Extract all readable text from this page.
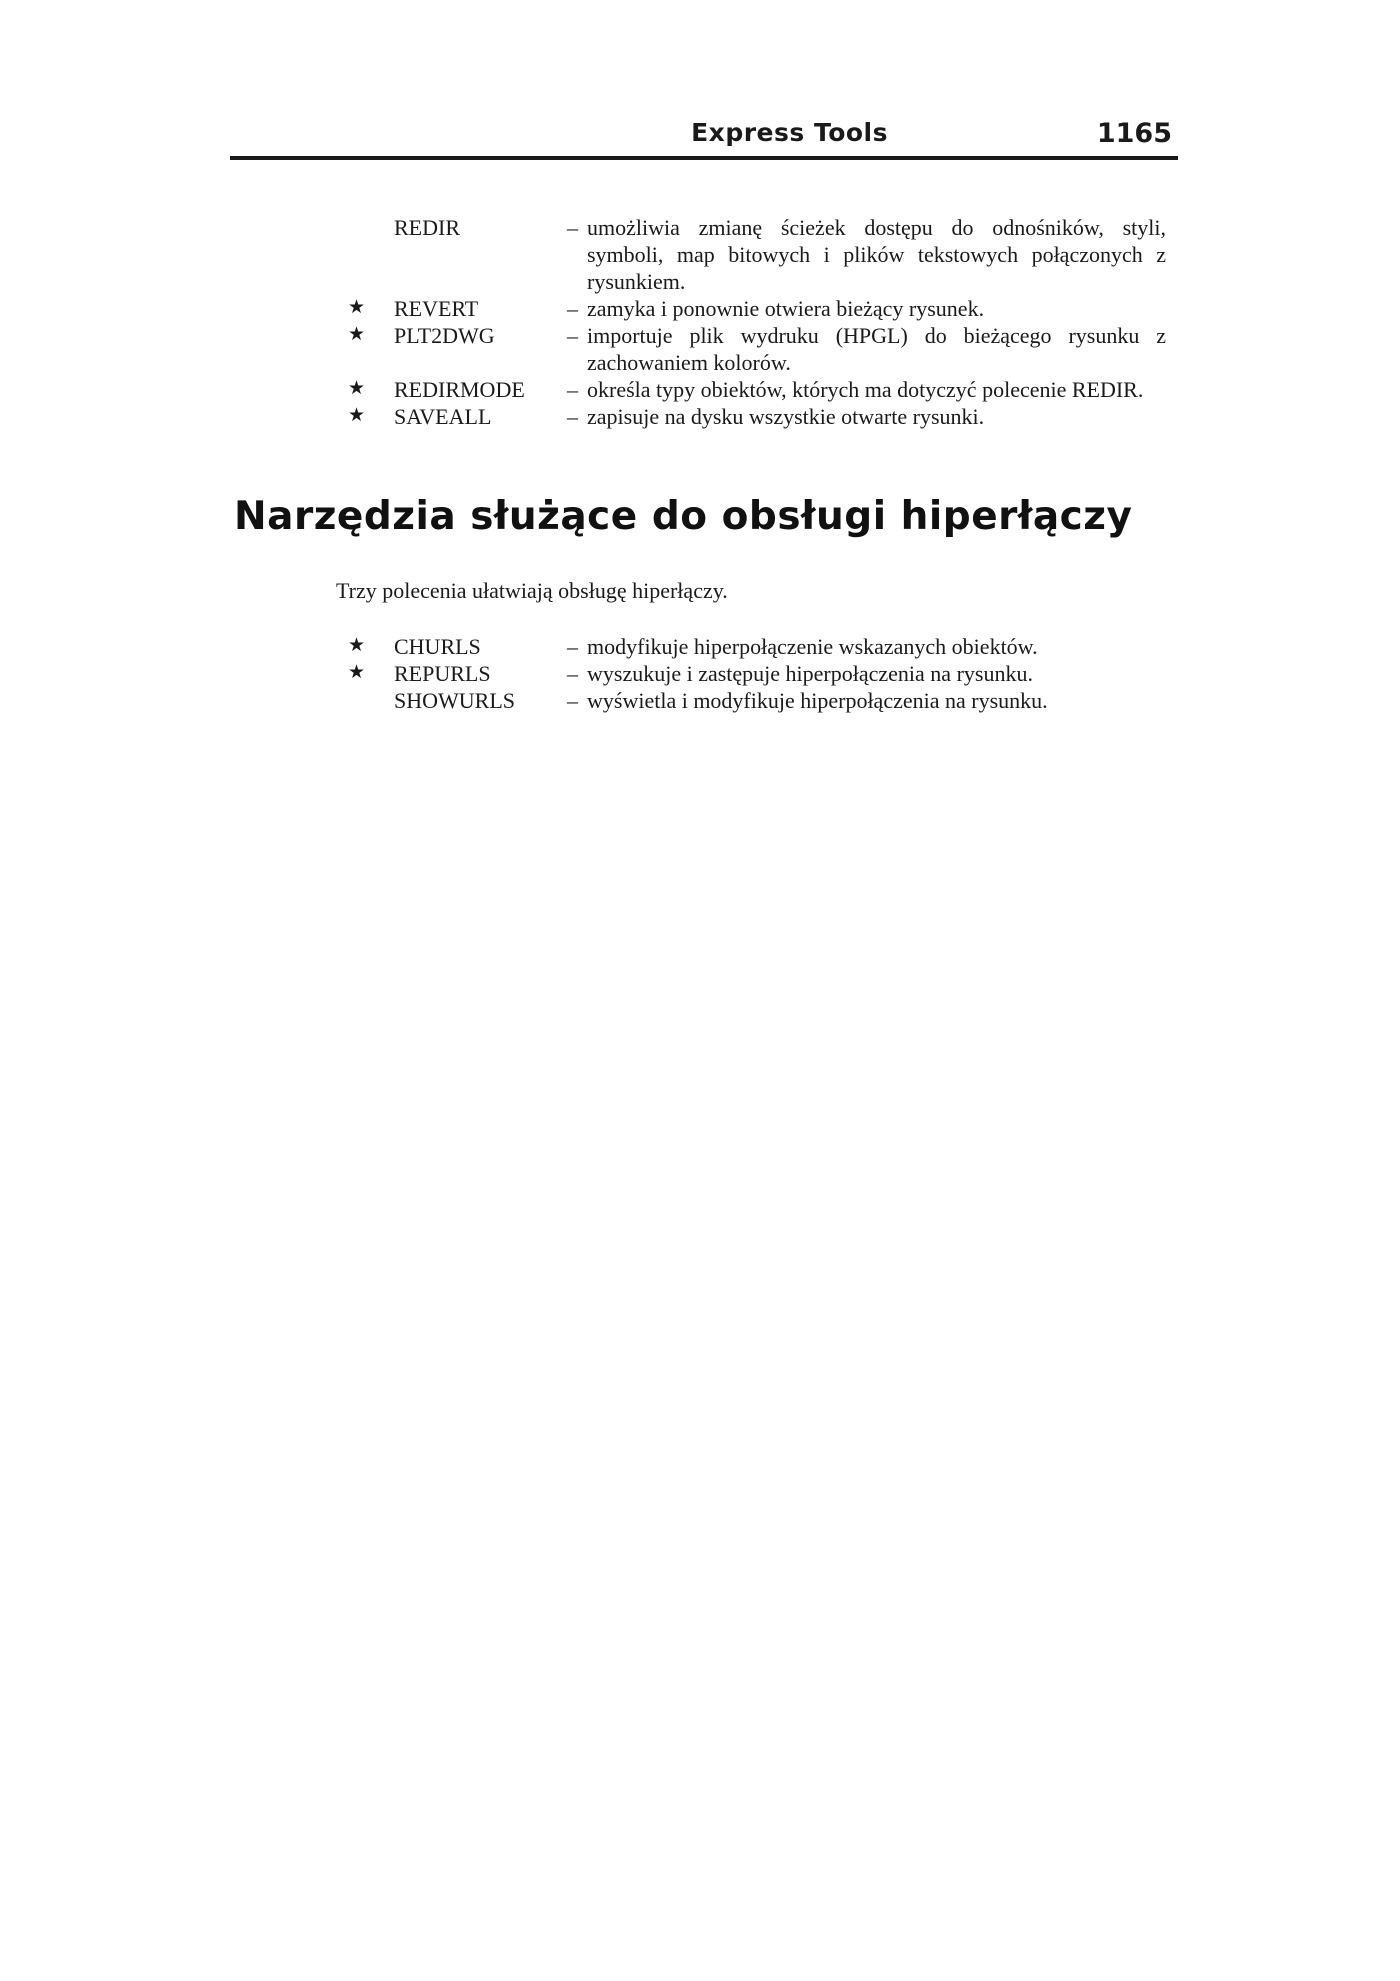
Express Tools	1165
REDIR	– umożliwia zmianę ścieżek dostępu do odnośników, styli, symboli, map bitowych i plików tekstowych połączonych z rysunkiem.
★ REVERT	– zamyka i ponownie otwiera bieżący rysunek.
★ PLT2DWG	– importuje plik wydruku (HPGL) do bieżącego rysunku z zachowaniem kolorów.
★ REDIRMODE – określa typy obiektów, których ma dotyczyć polecenie REDIR.
★ SAVEALL	– zapisuje na dysku wszystkie otwarte rysunki.
Narzędzia służące do obsługi hiperłączy

Trzy polecenia ułatwiają obsługę hiperłączy.

★ CHURLS	– modyfikuje hiperpołączenie wskazanych obiektów.
★ REPURLS	– wyszukuje i zastępuje hiperpołączenia na rysunku.
SHOWURLS – wyświetla i modyfikuje hiperpołączenia na rysunku.
